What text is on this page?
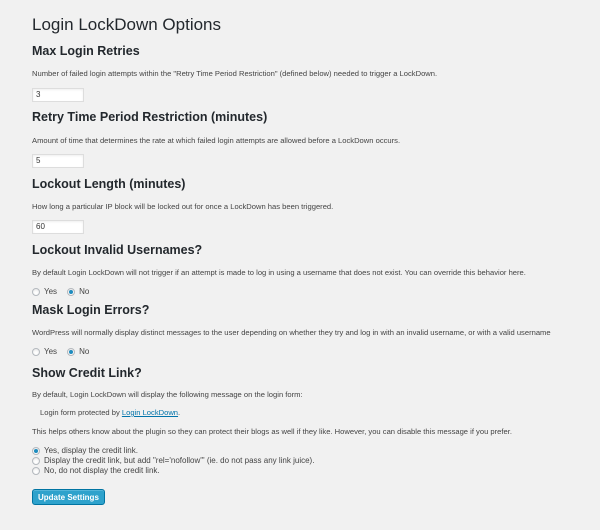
Login LockDown Options
Max Login Retries

Number of failed login attempts within the "Retry Time Period Restriction" (defined below) needed to trigger a LockDown.

3
Retry Time Period Restriction (minutes)

Amount of time that determines the rate at which failed login attempts are allowed before a LockDown occurs.

5
Lockout Length (minutes)

How long a particular IP block will be locked out for once a LockDown has been triggered.

60
Lockout Invalid Usernames?

By default Login LockDown will not trigger if an attempt is made to log in using a username that does not exist. You can override this behavior here.

Yes	No
Mask Login Errors?

WordPress will normally display distinct messages to the user depending on whether they try and log in with an invalid username, or with a valid username

Yes	No
Show Credit Link?

By default, Login LockDown will display the following message on the login form:

Login form protected by Login LockDown.

This helps others know about the plugin so they can protect their blogs as well if they like. However, you can disable this message if you prefer.

Yes, display the credit link.
Display the credit link, but add "rel='nofollow'" (ie. do not pass any link juice).
No, do not display the credit link.
Update Settings
